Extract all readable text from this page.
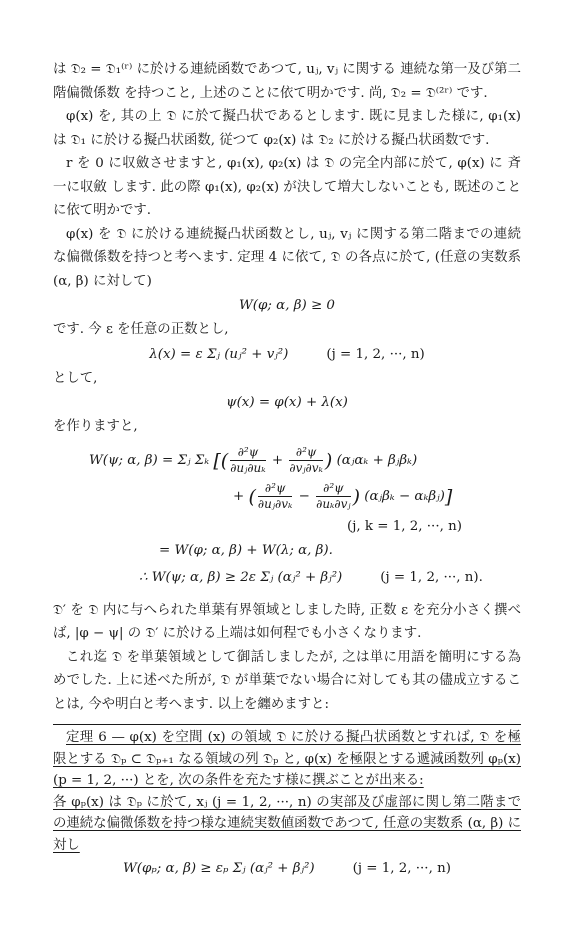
は 𝔇₂ = 𝔇₁⁽ʳ⁾ に於ける連続函数であつて, uⱼ, vⱼ に関する 連続な第一及び第二階偏微係数 を持つこと, 上述のことに依て明かです. 尚, 𝔇₂ = 𝔇⁽²ʳ⁾ です.

φ(x) を, 其の上 𝔇 に於て擬凸状であるとします. 既に見ました様に, φ₁(x) は 𝔇₁ に於ける擬凸状函数, 従つて φ₂(x) は 𝔇₂ に於ける擬凸状函数です.

r を 0 に収斂させますと, φ₁(x), φ₂(x) は 𝔇 の完全内部に於て, φ(x) に 斉一に収斂 します. 此の際 φ₁(x), φ₂(x) が決して増大しないことも, 既述のことに依て明かです.

φ(x) を 𝔇 に於ける連続擬凸状函数とし, uⱼ, vⱼ に関する第二階までの連続な偏微係数を持つと考へます. 定理 4 に依て, 𝔇 の各点に於て, (任意の実数系 (α, β) に対して)

W(φ; α, β) ≥ 0

です. 今 ε を任意の正数とし,

λ(x) = ε Σⱼ (uⱼ² + vⱼ²)	(j = 1, 2, ···, n)

として,

ψ(x) = φ(x) + λ(x)

を作りますと,

W(ψ; α, β) = Σⱼ Σₖ [( $\frac{\text{∂²ψ}}{\text{∂uⱼ∂uₖ}} + \frac{\text{∂²ψ}}{\text{∂vⱼ∂vₖ}}$ ) (αⱼαₖ + βⱼβₖ)
+ ( $\frac{\text{∂²ψ}}{\text{∂uⱼ∂vₖ}} - \frac{\text{∂²ψ}}{\text{∂uₖ∂vⱼ}}$ ) (αⱼβₖ − αₖβⱼ)]
(j, k = 1, 2, ···, n)
= W(φ; α, β) + W(λ; α, β).
∴ W(ψ; α, β) ≥ 2ε Σⱼ (αⱼ² + βⱼ²)	(j = 1, 2, ···, n).

𝔇′ を 𝔇 内に与へられた単葉有界領域としました時, 正数 ε を充分小さく撰べば, |φ − ψ| の 𝔇′ に於ける上端は如何程でも小さくなります.

これ迄 𝔇 を単葉領域として御話しましたが, 之は単に用語を簡明にする為めでした. 上に述べた所が, 𝔇 が単葉でない場合に対しても其の儘成立することは, 今や明白と考へます. 以上を纏めますと:

定理 6 — φ(x) を空間 (x) の領域 𝔇 に於ける擬凸状函数とすれば, 𝔇 を極限とする 𝔇ₚ ⊂ 𝔇ₚ₊₁ なる領域の列 𝔇ₚ と, φ(x) を極限とする遞減函数列 φₚ(x) (p = 1, 2, ···) とを, 次の条件を充たす様に撰ぶことが出来る:

各 φₚ(x) は 𝔇ₚ に於て, xⱼ (j = 1, 2, ···, n) の実部及び虚部に関し第二階までの連続な偏微係数を持つ様な連続実数値函数であつて, 任意の実数系 (α, β) に対し

W(φₚ; α, β) ≥ εₚ Σⱼ (αⱼ² + βⱼ²)	(j = 1, 2, ···, n)
